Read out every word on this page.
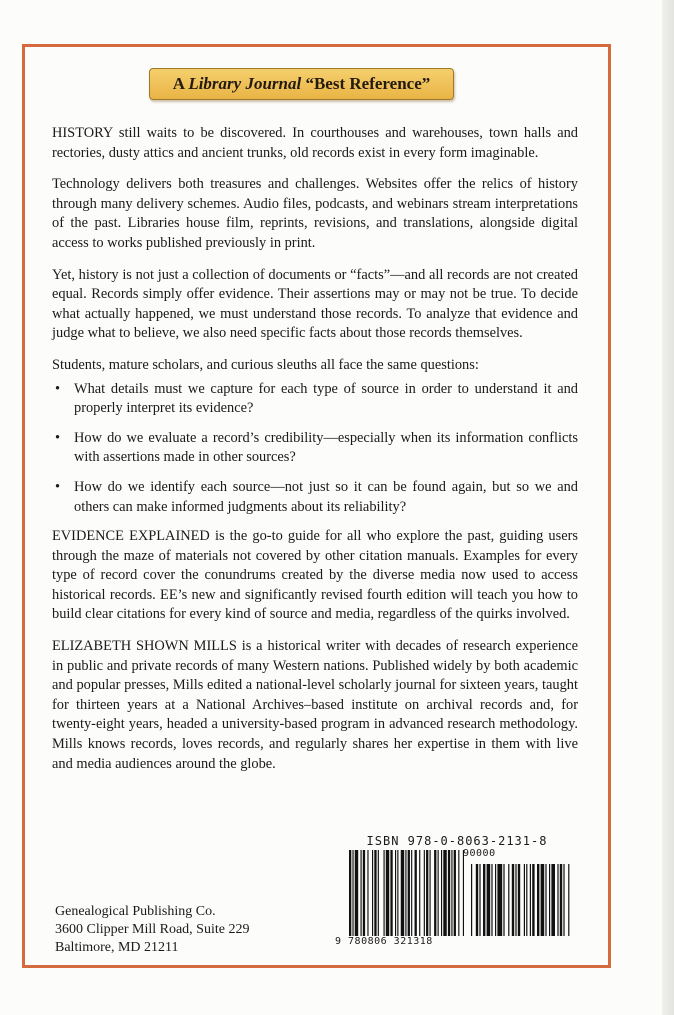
A Library Journal “Best Reference”

HISTORY still waits to be discovered. In courthouses and warehouses, town halls and rectories, dusty attics and ancient trunks, old records exist in every form imaginable.

Technology delivers both treasures and challenges. Websites offer the relics of history through many delivery schemes. Audio files, podcasts, and webinars stream interpretations of the past. Libraries house film, reprints, revisions, and translations, alongside digital access to works published previously in print.

Yet, history is not just a collection of documents or “facts”—and all records are not created equal. Records simply offer evidence. Their assertions may or may not be true. To decide what actually happened, we must understand those records. To analyze that evidence and judge what to believe, we also need specific facts about those records themselves.

Students, mature scholars, and curious sleuths all face the same questions:

• What details must we capture for each type of source in order to understand it and properly interpret its evidence?
• How do we evaluate a record’s credibility—especially when its information conflicts with assertions made in other sources?
• How do we identify each source—not just so it can be found again, but so we and others can make informed judgments about its reliability?

EVIDENCE EXPLAINED is the go-to guide for all who explore the past, guiding users through the maze of materials not covered by other citation manuals. Examples for every type of record cover the conundrums created by the diverse media now used to access historical records. EE’s new and significantly revised fourth edition will teach you how to build clear citations for every kind of source and media, regardless of the quirks involved.

ELIZABETH SHOWN MILLS is a historical writer with decades of research experience in public and private records of many Western nations. Published widely by both academic and popular presses, Mills edited a national-level scholarly journal for sixteen years, taught for thirteen years at a National Archives–based institute on archival records and, for twenty-eight years, headed a university-based program in advanced research methodology. Mills knows records, loves records, and regularly shares her expertise in them with live and media audiences around the globe.

ISBN 978-0-8063-2131-8
90000
9 780806 321318
Genealogical Publishing Co.
3600 Clipper Mill Road, Suite 229
Baltimore, MD 21211
